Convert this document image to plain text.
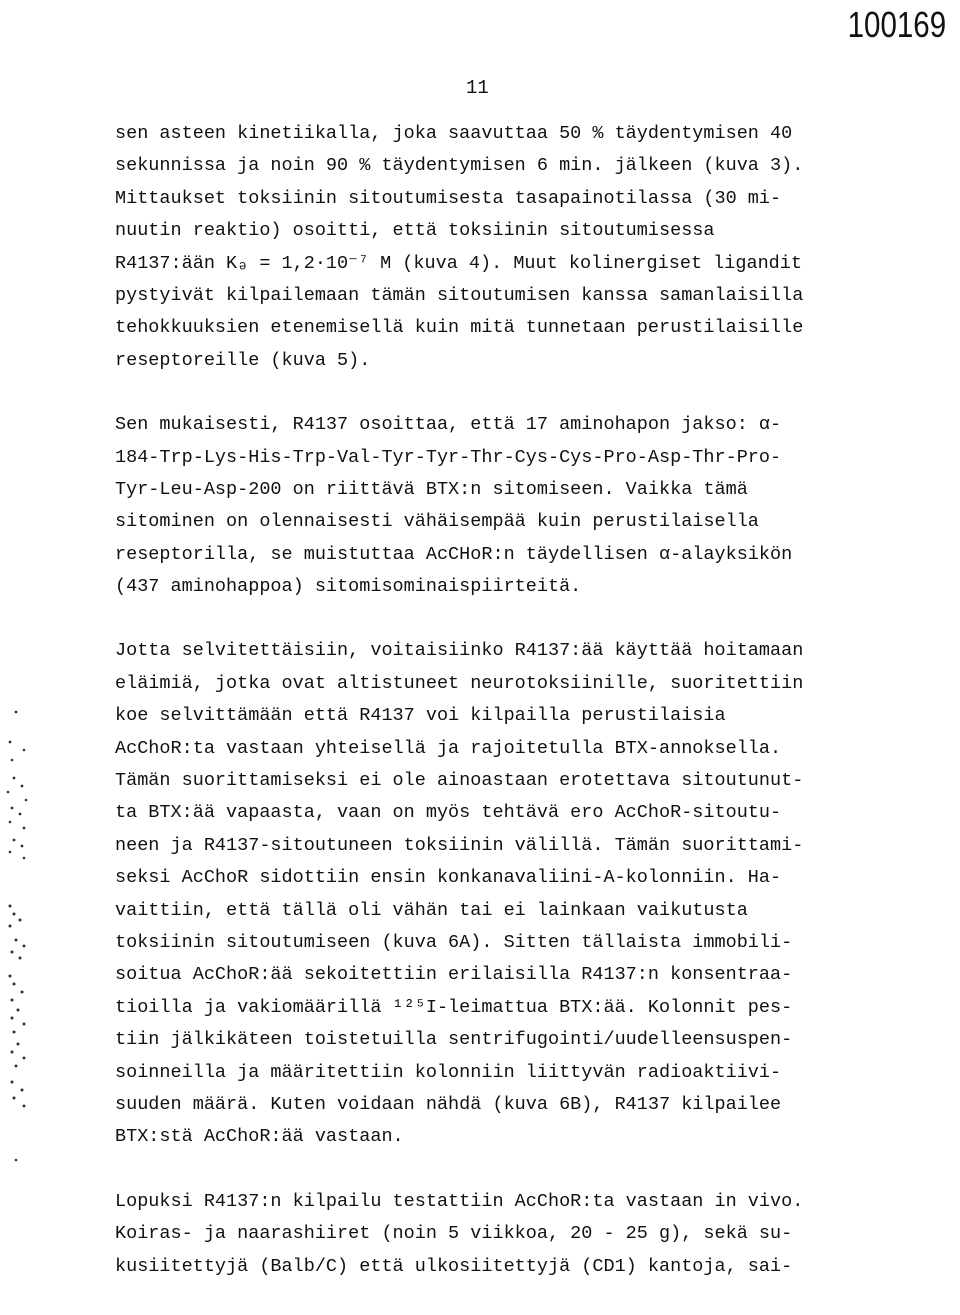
100169
11
sen asteen kinetiikalla, joka saavuttaa 50 % täydentymisen 40
sekunnissa ja noin 90 % täydentymisen 6 min. jälkeen (kuva 3).
Mittaukset toksiinin sitoutumisesta tasapainotilassa (30 mi-
nuutin reaktio) osoitti, että toksiinin sitoutumisessa
R4137:ään Kₔ = 1,2·10⁻⁷ M (kuva 4). Muut kolinergiset ligandit
pystyivät kilpailemaan tämän sitoutumisen kanssa samanlaisilla
tehokkuuksien etenemisellä kuin mitä tunnetaan perustilaisille
reseptoreille (kuva 5).
Sen mukaisesti, R4137 osoittaa, että 17 aminohapon jakso: α-
184-Trp-Lys-His-Trp-Val-Tyr-Tyr-Thr-Cys-Cys-Pro-Asp-Thr-Pro-
Tyr-Leu-Asp-200 on riittävä BTX:n sitomiseen. Vaikka tämä
sitominen on olennaisesti vähäisempää kuin perustilaisella
reseptorilla, se muistuttaa AcCHoR:n täydellisen α-alayksikön
(437 aminohappoa) sitomisominaispiirteitä.
Jotta selvitettäisiin, voitaisiinko R4137:ää käyttää hoitamaan
eläimiä, jotka ovat altistuneet neurotoksiinille, suoritettiin
koe selvittämään että R4137 voi kilpailla perustilaisia
AcChoR:ta vastaan yhteisellä ja rajoitetulla BTX-annoksella.
Tämän suorittamiseksi ei ole ainoastaan erotettava sitoutunut-
ta BTX:ää vapaasta, vaan on myös tehtävä ero AcChoR-sitoutu-
neen ja R4137-sitoutuneen toksiinin välillä. Tämän suorittami-
seksi AcChoR sidottiin ensin konkanavaliini-A-kolonniin. Ha-
vaittiin, että tällä oli vähän tai ei lainkaan vaikutusta
toksiinin sitoutumiseen (kuva 6A). Sitten tällaista immobili-
soitua AcChoR:ää sekoitettiin erilaisilla R4137:n konsentraa-
tioilla ja vakiomäärillä ¹²⁵I-leimattua BTX:ää. Kolonnit pes-
tiin jälkikäteen toistetuilla sentrifugointi/uudelleensuspen-
soinneilla ja määritettiin kolonniin liittyvän radioaktiivi-
suuden määrä. Kuten voidaan nähdä (kuva 6B), R4137 kilpailee
BTX:stä AcChoR:ää vastaan.
Lopuksi R4137:n kilpailu testattiin AcChoR:ta vastaan in vivo.
Koiras- ja naarashiiret (noin 5 viikkoa, 20 - 25 g), sekä su-
kusiitettyjä (Balb/C) että ulkosiitettyjä (CD1) kantoja, sai-
